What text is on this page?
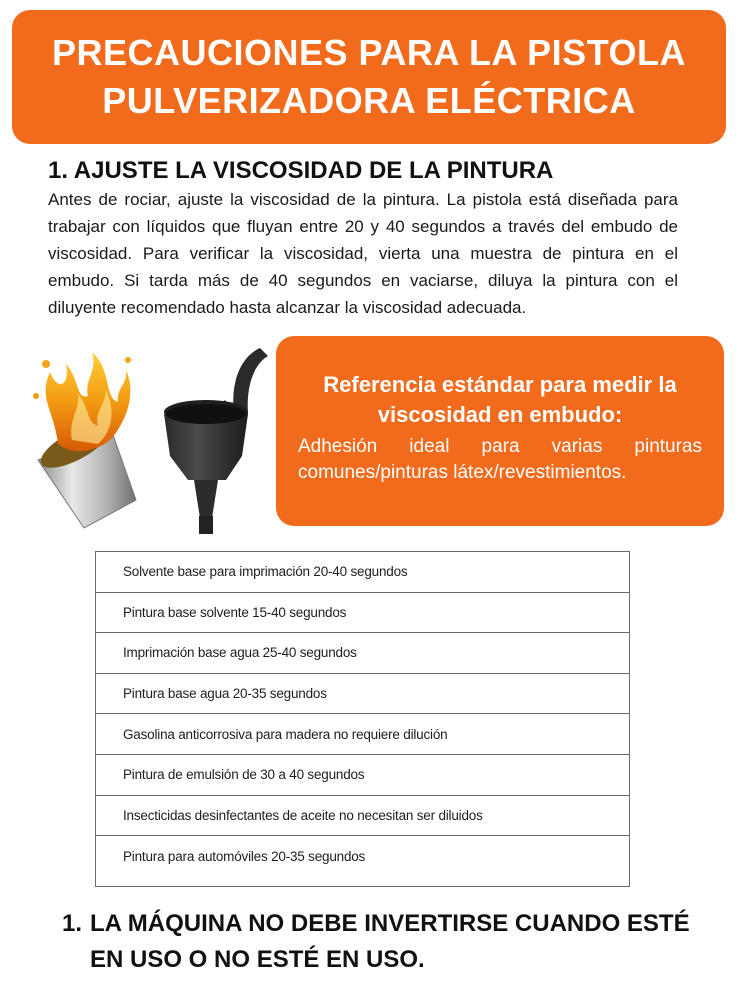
PRECAUCIONES PARA LA PISTOLA
PULVERIZADORA ELÉCTRICA
1. AJUSTE LA VISCOSIDAD DE LA PINTURA

Antes de rociar, ajuste la viscosidad de la pintura. La pistola está diseñada para trabajar con líquidos que fluyan entre 20 y 40 segundos a través del embudo de viscosidad. Para verificar la viscosidad, vierta una muestra de pintura en el embudo. Si tarda más de 40 segundos en vaciarse, diluya la pintura con el diluyente recomendado hasta alcanzar la viscosidad adecuada.

Referencia estándar para medir la viscosidad en embudo:
Adhesión ideal para varias pinturas comunes/pinturas látex/revestimientos.
Solvente base para imprimación 20-40 segundos
Pintura base solvente 15-40 segundos
Imprimación base agua 25-40 segundos
Pintura base agua 20-35 segundos
Gasolina anticorrosiva para madera no requiere dilución
Pintura de emulsión de 30 a 40 segundos
Insecticidas desinfectantes de aceite no necesitan ser diluidos
Pintura para automóviles 20-35 segundos
1. LA MÁQUINA NO DEBE INVERTIRSE CUANDO ESTÉ EN USO O NO ESTÉ EN USO.
